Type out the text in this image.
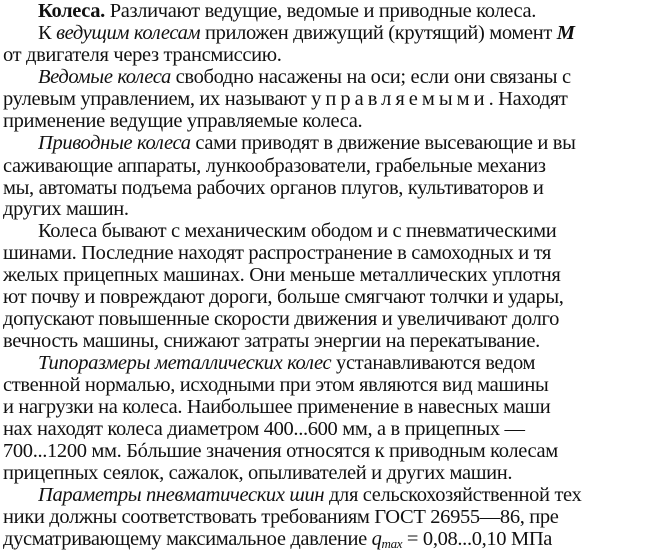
Колеса. Различают ведущие, ведомые и приводные колеса.
К ведущим колесам приложен движущий (крутящий) момент M
от двигателя через трансмиссию.
Ведомые колеса свободно насажены на оси; если они связаны с
рулевым управлением, их называют управляемыми. Находят
применение ведущие управляемые колеса.
Приводные колеса сами приводят в движение высевающие и вы
саживающие аппараты, лункообразователи, грабельные механиз
мы, автоматы подъема рабочих органов плугов, культиваторов и
других машин.
Колеса бывают с механическим ободом и с пневматическими
шинами. Последние находят распространение в самоходных и тя
желых прицепных машинах. Они меньше металлических уплотня
ют почву и повреждают дороги, больше смягчают толчки и удары,
допускают повышенные скорости движения и увеличивают долго
вечность машины, снижают затраты энергии на перекатывание.
Типоразмеры металлических колес устанавливаются ведом
ственной нормалью, исходными при этом являются вид машины
и нагрузки на колеса. Наибольшее применение в навесных маши
нах находят колеса диаметром 400...600 мм, а в прицепных —
700...1200 мм. Бóльшие значения относятся к приводным колесам
прицепных сеялок, сажалок, опыливателей и других машин.
Параметры пневматических шин для сельскохозяйственной тех
ники должны соответствовать требованиям ГОСТ 26955—86, пре
дусматривающему максимальное давление $q_{max} = 0,08...0,10$ МПа
